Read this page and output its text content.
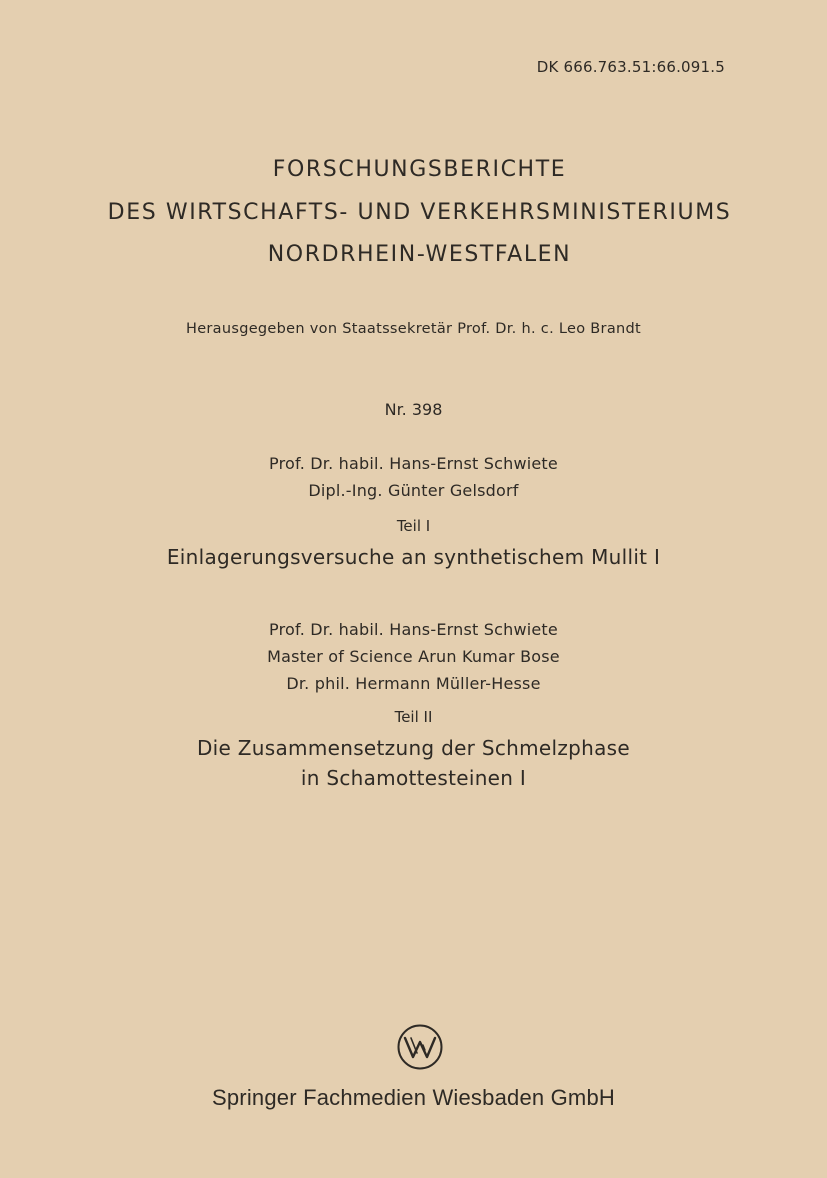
DK 666.763.51:66.091.5
FORSCHUNGSBERICHTE
DES WIRTSCHAFTS- UND VERKEHRSMINISTERIUMS
NORDRHEIN-WESTFALEN
Herausgegeben von Staatssekretär Prof. Dr. h. c. Leo Brandt
Nr. 398
Prof. Dr. habil. Hans-Ernst Schwiete
Dipl.-Ing. Günter Gelsdorf
Teil I
Einlagerungsversuche an synthetischem Mullit I
Prof. Dr. habil. Hans-Ernst Schwiete
Master of Science Arun Kumar Bose
Dr. phil. Hermann Müller-Hesse
Teil II
Die Zusammensetzung der Schmelzphase
in Schamottesteinen I
Springer Fachmedien Wiesbaden GmbH
